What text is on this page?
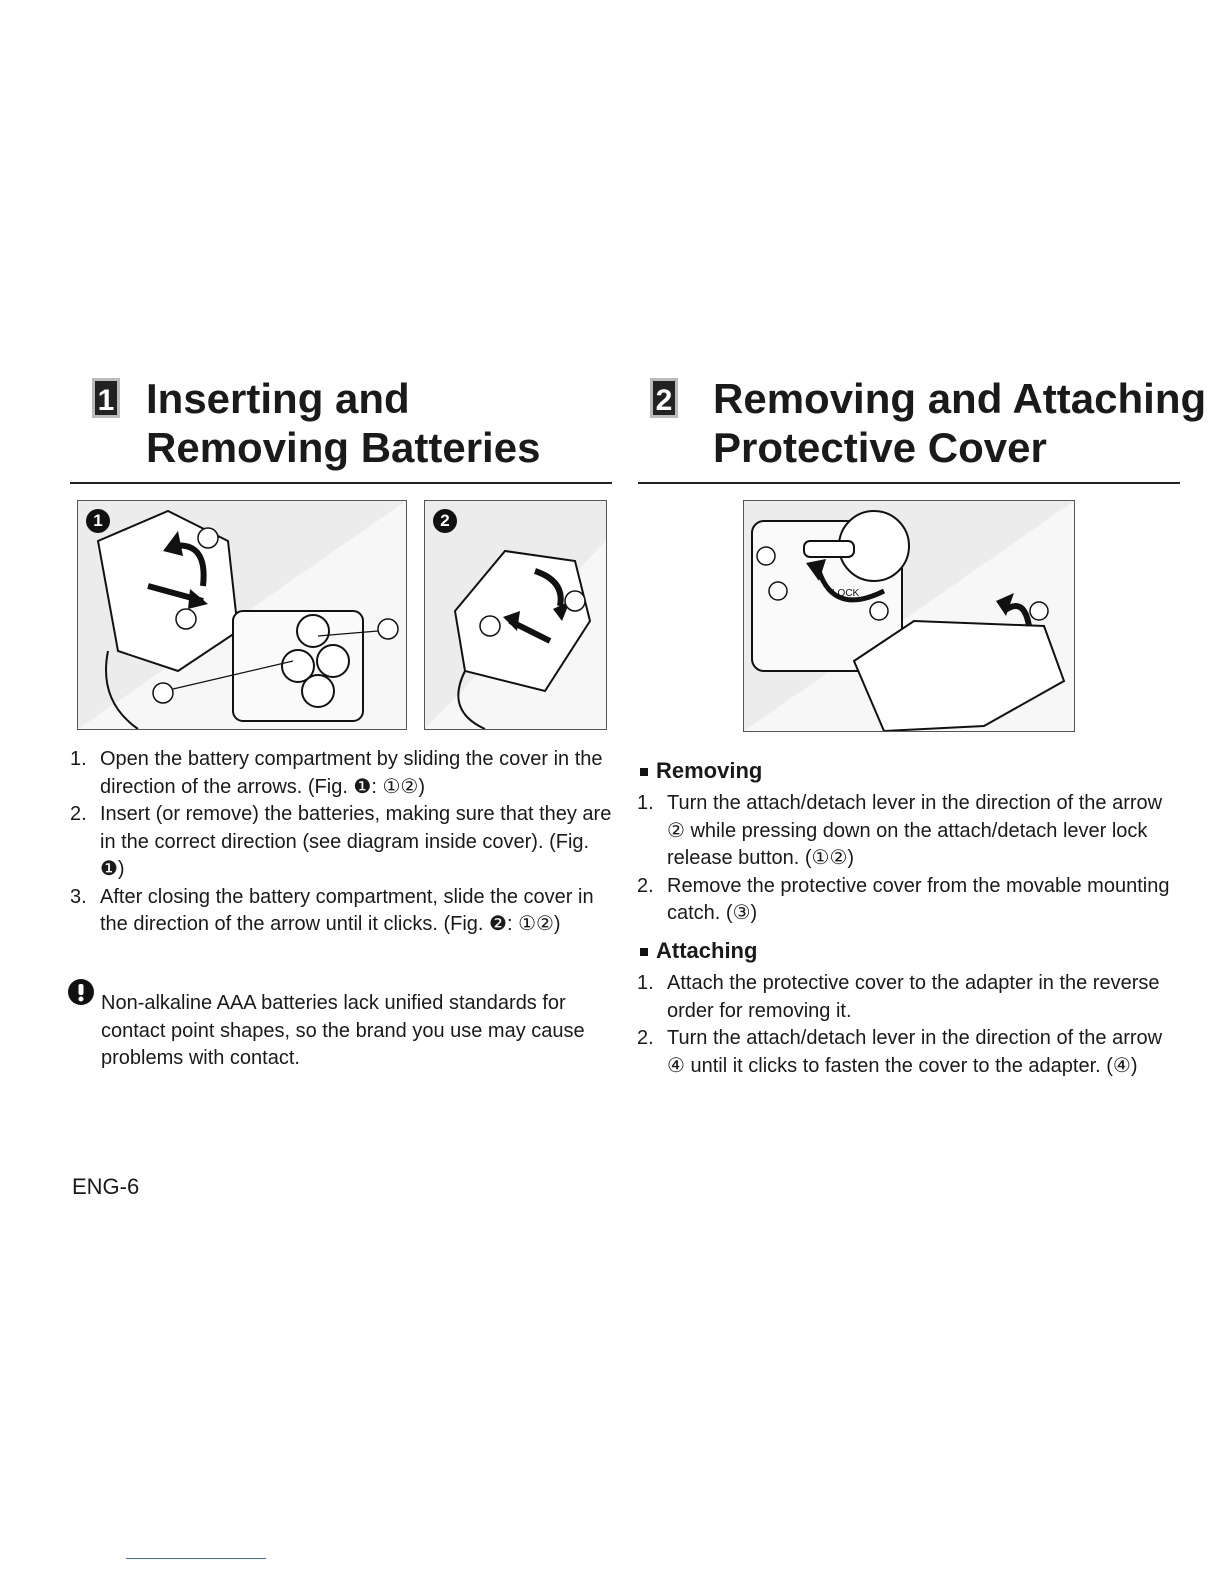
1 Inserting and
Removing Batteries
2 Removing and Attaching
Protective Cover
1	2
LOCK
1. Open the battery compartment by sliding the cover in the direction of the arrows. (Fig. ❶: ①②)
2. Insert (or remove) the batteries, making sure that they are in the correct direction (see diagram inside cover). (Fig. ❶)
3. After closing the battery compartment, slide the cover in the direction of the arrow until it clicks. (Fig. ❷: ①②)
Non-alkaline AAA batteries lack unified standards for contact point shapes, so the brand you use may cause problems with contact.
Removing
1. Turn the attach/detach lever in the direction of the arrow ② while pressing down on the attach/detach lever lock release button. (①②)
2. Remove the protective cover from the movable mounting catch. (③)
Attaching
1. Attach the protective cover to the adapter in the reverse order for removing it.
2. Turn the attach/detach lever in the direction of the arrow ④ until it clicks to fasten the cover to the adapter. (④)
ENG-6
